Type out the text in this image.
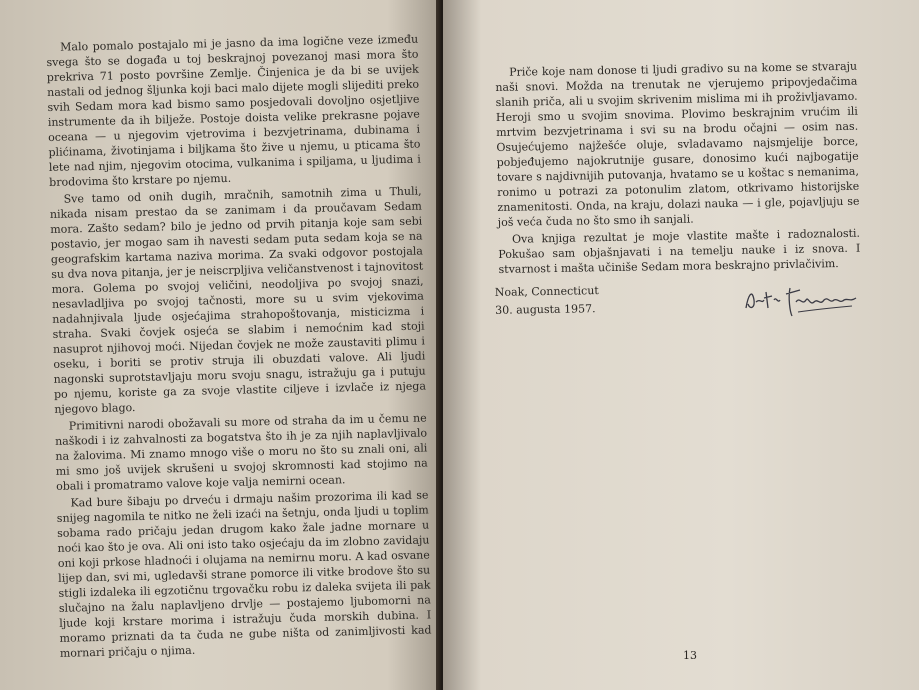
Malo pomalo postajalo mi je jasno da ima logične veze između svega što se događa u toj beskrajnoj povezanoj masi mora što prekriva 71 posto površine Zemlje. Činjenica je da bi se uvijek nastali od jednog šljunka koji baci malo dijete mogli slijediti preko svih Sedam mora kad bismo samo posjedovali dovoljno osjetljive instrumente da ih bilježe. Postoje doista velike prekrasne pojave oceana — u njegovim vjetrovima i bezvjetrinama, dubinama i plićinama, životinjama i biljkama što žive u njemu, u pticama što lete nad njim, njegovim otocima, vulkanima i spiljama, u ljudima i brodovima što krstare po njemu.

Sve tamo od onih dugih, mračnih, samotnih zima u Thuli, nikada nisam prestao da se zanimam i da proučavam Sedam mora. Zašto sedam? bilo je jedno od prvih pitanja koje sam sebi postavio, jer mogao sam ih navesti sedam puta sedam koja se na geografskim kartama naziva morima. Za svaki odgovor postojala su dva nova pitanja, jer je neiscrpljiva veličanstvenost i tajnovitost mora. Golema po svojoj veličini, neodoljiva po svojoj snazi, nesavladljiva po svojoj tačnosti, more su u svim vjekovima nadahnjivala ljude osjećajima strahopoštovanja, misticizma i straha. Svaki čovjek osjeća se slabim i nemoćnim kad stoji nasuprot njihovoj moći. Nijedan čovjek ne može zaustaviti plimu i oseku, i boriti se protiv struja ili obuzdati valove. Ali ljudi nagonski suprotstavljaju moru svoju snagu, istražuju ga i putuju po njemu, koriste ga za svoje vlastite ciljeve i izvlače iz njega njegovo blago.

Primitivni narodi obožavali su more od straha da im u čemu ne naškodi i iz zahvalnosti za bogatstva što ih je za njih naplavljivalo na žalovima. Mi znamo mnogo više o moru no što su znali oni, ali mi smo još uvijek skrušeni u svojoj skromnosti kad stojimo na obali i promatramo valove koje valja nemirni ocean.

Kad bure šibaju po drveću i drmaju našim prozorima ili kad se snijeg nagomila te nitko ne želi izaći na šetnju, onda ljudi u toplim sobama rado pričaju jedan drugom kako žale jadne mornare u noći kao što je ova. Ali oni isto tako osjećaju da im zlobno zavidaju oni koji prkose hladnoći i olujama na nemirnu moru. A kad osvane lijep dan, svi mi, ugledavši strane pomorce ili vitke brodove što su stigli izdaleka ili egzotičnu trgovačku robu iz daleka svijeta ili pak slučajno na žalu naplavljeno drvlje — postajemo ljubomorni na ljude koji krstare morima i istražuju čuda morskih dubina. I moramo priznati da ta čuda ne gube ništa od zanimljivosti kad mornari pričaju o njima.

Priče koje nam donose ti ljudi gradivo su na kome se stvaraju naši snovi. Možda na trenutak ne vjerujemo pripovjedačima slanih priča, ali u svojim skrivenim mislima mi ih proživljavamo. Heroji smo u svojim snovima. Plovimo beskrajnim vrućim ili mrtvim bezvjetrinama i svi su na brodu očajni — osim nas. Osujećujemo najžešće oluje, svladavamo najsmjelije borce, pobjeđujemo najokrutnije gusare, donosimo kući najbogatije tovare s najdivnijih putovanja, hvatamo se u koštac s nemanima, ronimo u potrazi za potonulim zlatom, otkrivamo historijske znamenitosti. Onda, na kraju, dolazi nauka — i gle, pojavljuju se još veća čuda no što smo ih sanjali.

Ova knjiga rezultat je moje vlastite mašte i radoznalosti. Pokušao sam objašnjavati i na temelju nauke i iz snova. I stvarnost i mašta učiniše Sedam mora beskrajno privlačivim.

Noak, Connecticut
30. augusta 1957.
13
